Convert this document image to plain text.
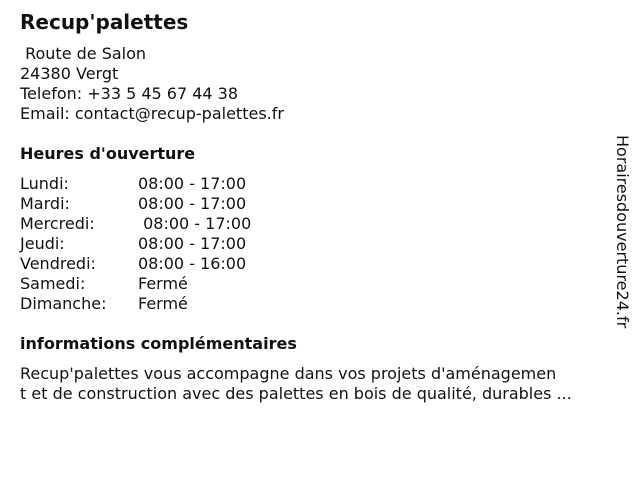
Recup'palettes
Route de Salon
24380 Vergt
Telefon: +33 5 45 67 44 38
Email: contact@recup-palettes.fr
Heures d'ouverture
Lundi:	08:00 - 17:00
Mardi:	08:00 - 17:00
Mercredi:	08:00 - 17:00
Jeudi:	08:00 - 17:00
Vendredi:	08:00 - 16:00
Samedi:	Fermé
Dimanche: Fermé
informations complémentaires
Recup'palettes vous accompagne dans vos projets d'aménagemen
t et de construction avec des palettes en bois de qualité, durables ...
Horairesdouverture24.fr
